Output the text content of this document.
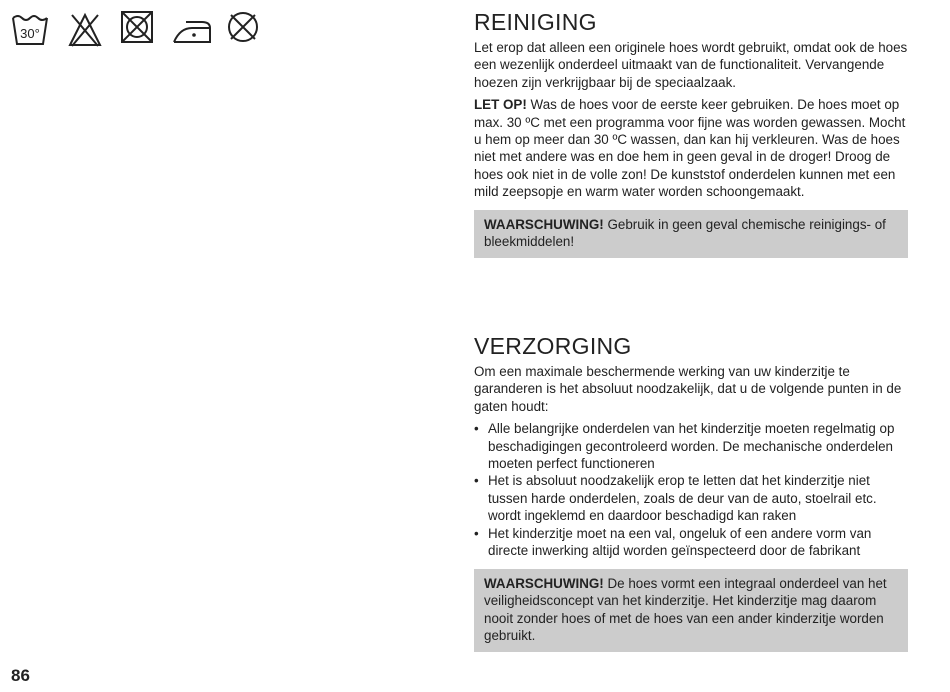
30°	REINIGING

Let erop dat alleen een originele hoes wordt gebruikt, omdat ook de hoes een wezenlijk onderdeel uitmaakt van de functionaliteit. Vervangende hoezen zijn verkrijgbaar bij de speciaalzaak.

LET OP! Was de hoes voor de eerste keer gebruiken. De hoes moet op max. 30 ºC met een programma voor fijne was worden gewassen. Mocht u hem op meer dan 30 ºC wassen, dan kan hij verkleuren. Was de hoes niet met andere was en doe hem in geen geval in de droger! Droog de hoes ook niet in de volle zon! De kunststof onderdelen kunnen met een mild zeepsopje en warm water worden schoongemaakt.

WAARSCHUWING! Gebruik in geen geval chemische reinigings- of bleekmiddelen!
VERZORGING

Om een maximale beschermende werking van uw kinderzitje te garanderen is het absoluut noodzakelijk, dat u de volgende punten in de gaten houdt:

• Alle belangrijke onderdelen van het kinderzitje moeten regelmatig op beschadigingen gecontroleerd worden. De mechanische onderdelen moeten perfect functioneren
• Het is absoluut noodzakelijk erop te letten dat het kinderzitje niet tussen harde onderdelen, zoals de deur van de auto, stoelrail etc. wordt ingeklemd en daardoor beschadigd kan raken
• Het kinderzitje moet na een val, ongeluk of een andere vorm van directe inwerking altijd worden geïnspecteerd door de fabrikant
WAARSCHUWING! De hoes vormt een integraal onderdeel van het veiligheidsconcept van het kinderzitje. Het kinderzitje mag daarom nooit zonder hoes of met de hoes van een ander kinderzitje worden gebruikt.
86
